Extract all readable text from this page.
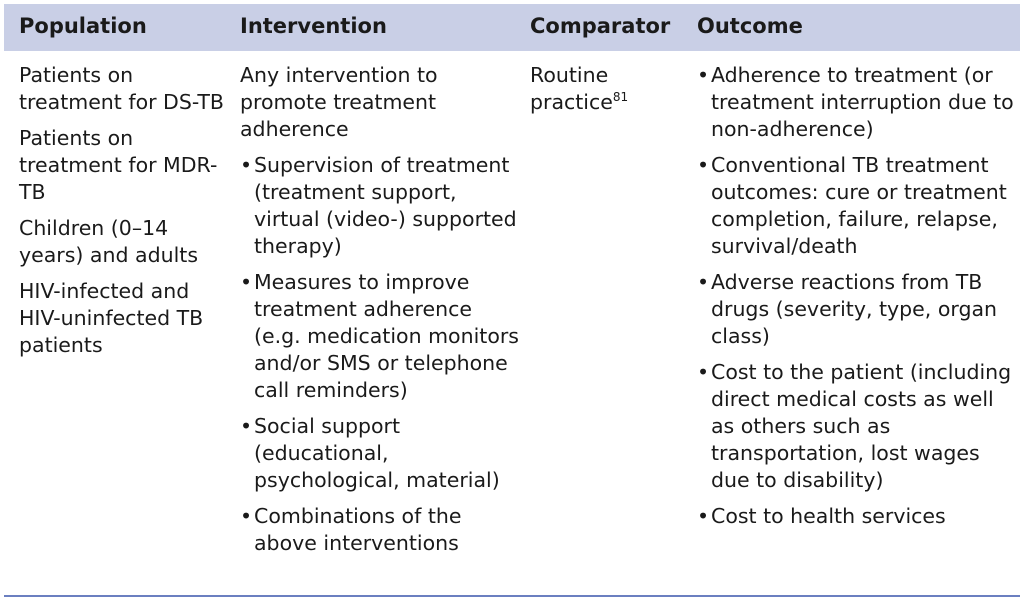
Population	Intervention	Comparator Outcome

Patients on treatment for DS-TB

Patients on treatment for MDR-TB

Children (0–14 years) and adults

HIV-infected and HIV-uninfected TB patients

Any intervention to promote treatment adherence

• Supervision of treatment (treatment support, virtual (video-) supported therapy)
• Measures to improve treatment adherence (e.g. medication monitors and/or SMS or telephone call reminders)
• Social support (educational, psychological, material)
• Combinations of the above interventions

Routine practice$^{81}$

• Adherence to treatment (or treatment interruption due to non-adherence)
• Conventional TB treatment outcomes: cure or treatment completion, failure, relapse, survival/death
• Adverse reactions from TB drugs (severity, type, organ class)
• Cost to the patient (including direct medical costs as well as others such as transportation, lost wages due to disability)
• Cost to health services
